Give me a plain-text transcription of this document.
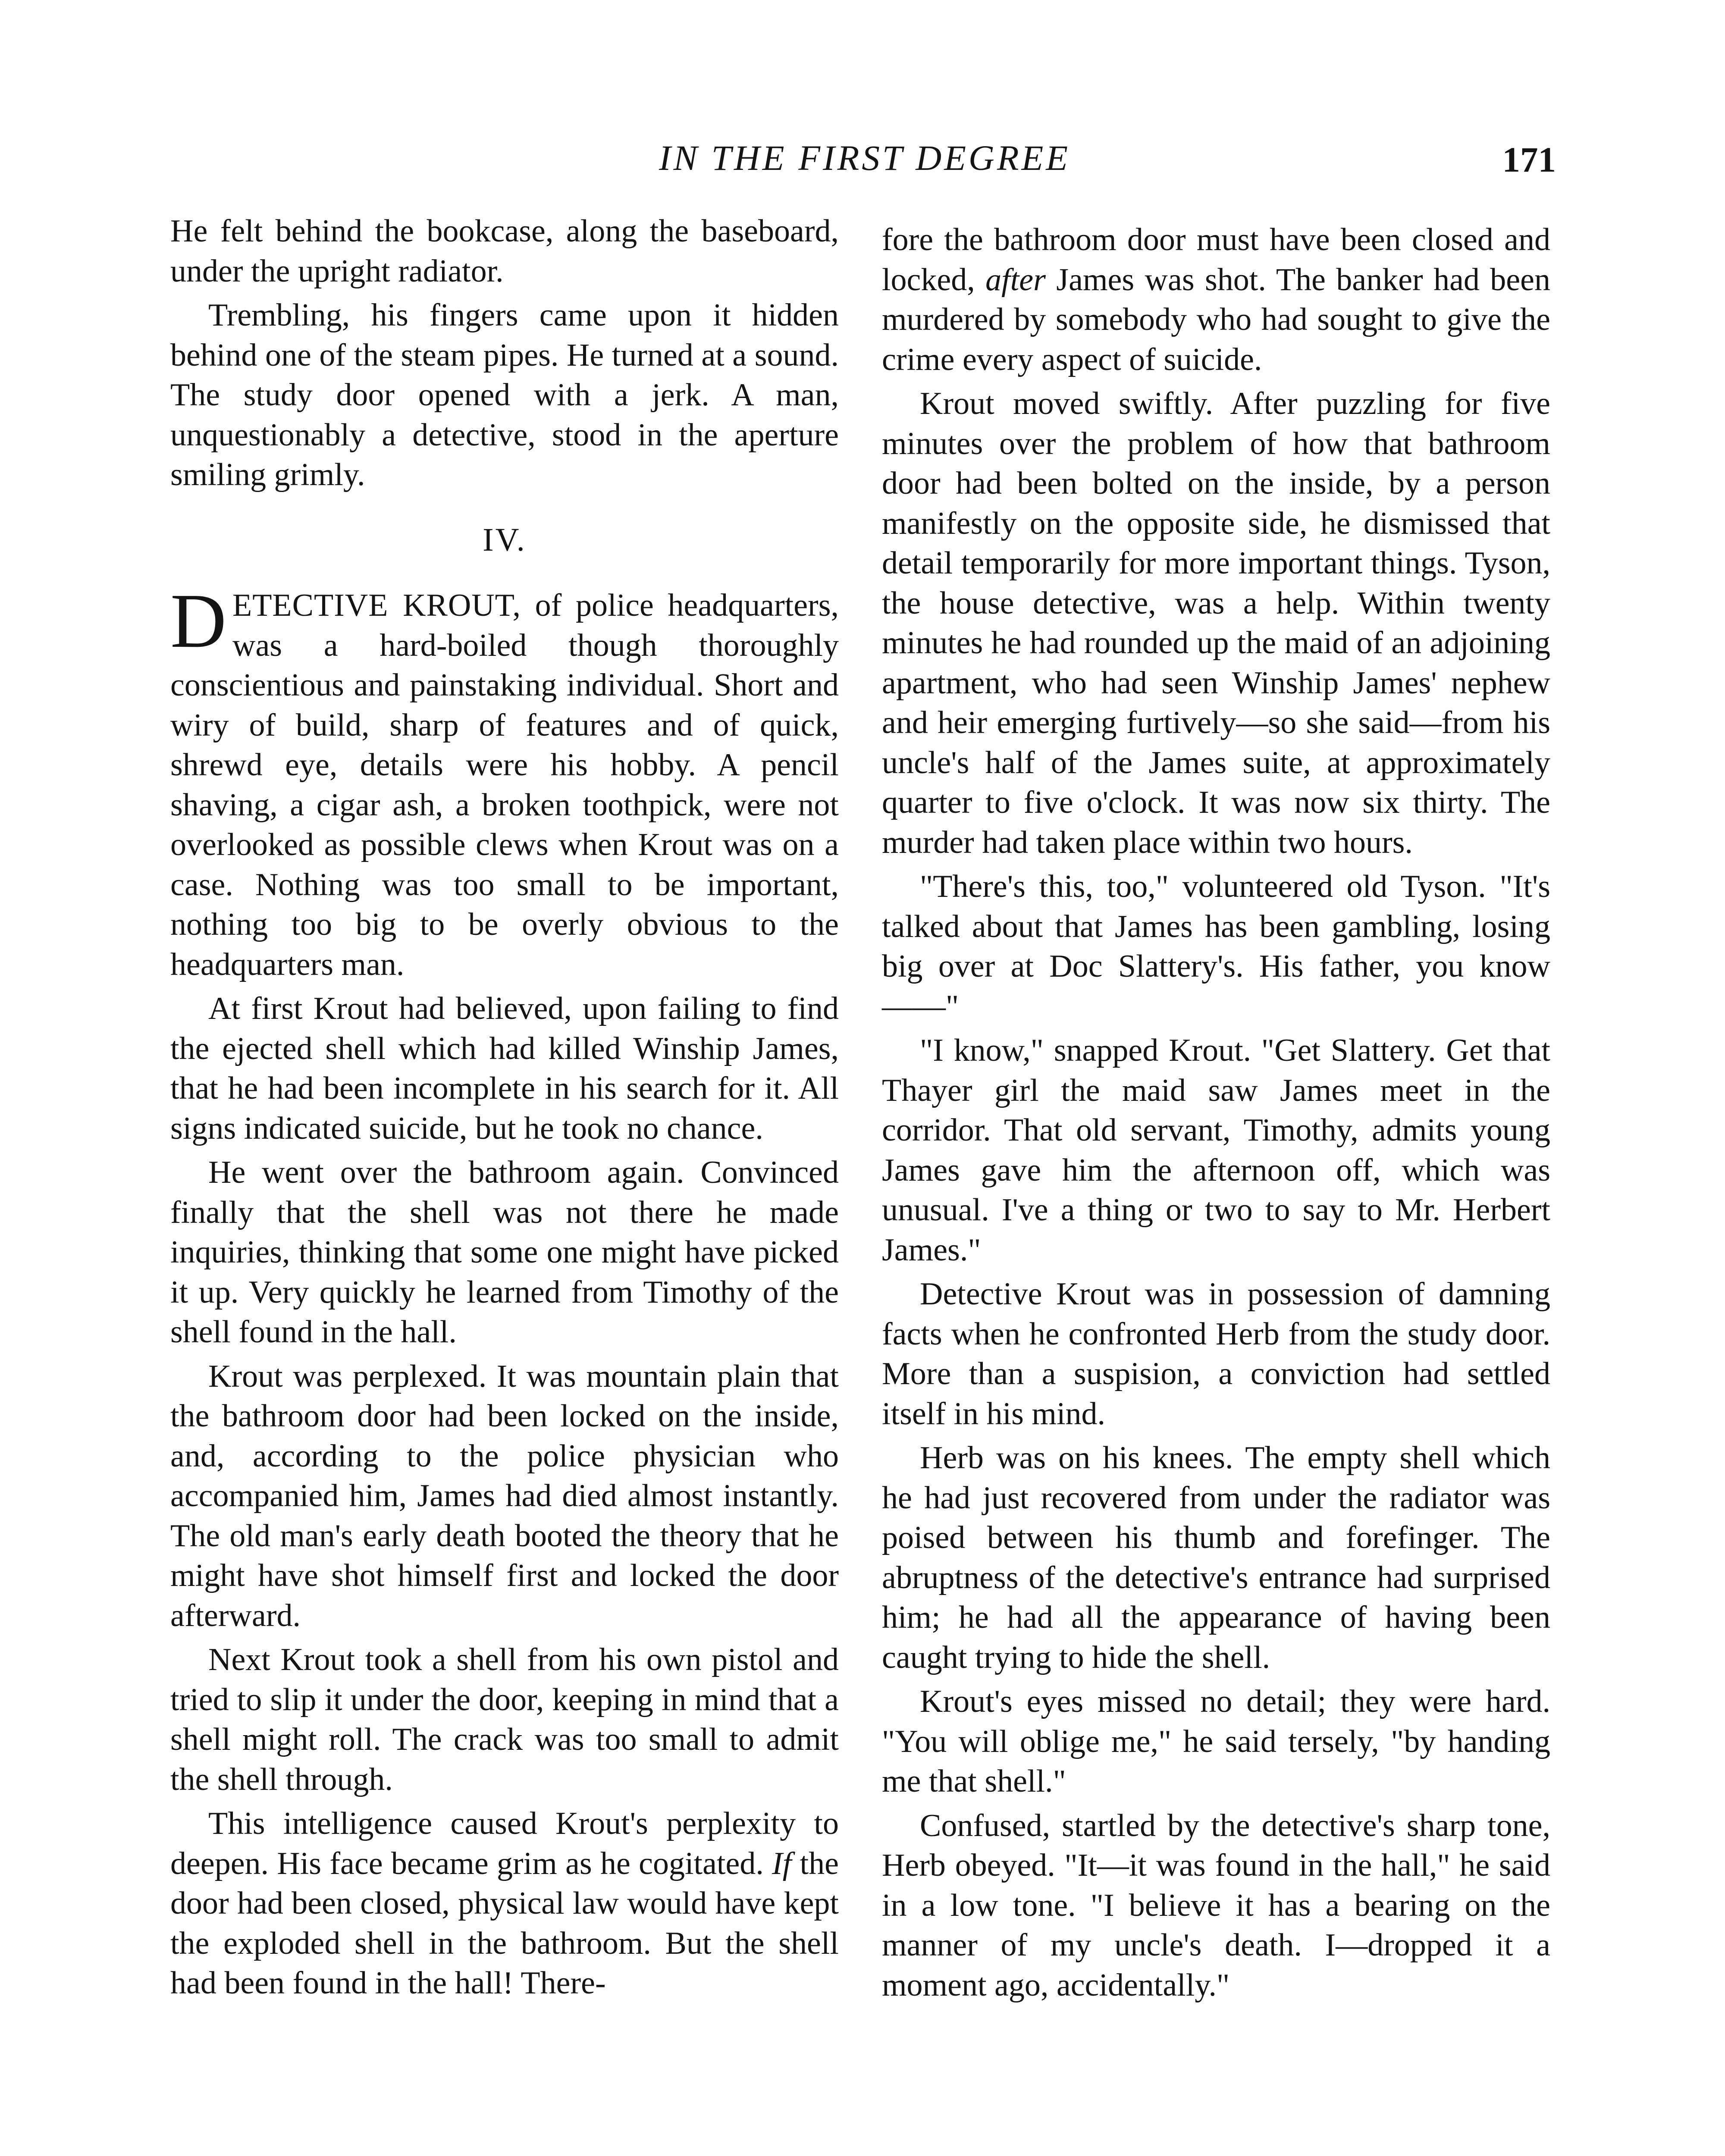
IN THE FIRST DEGREE	171

He felt behind the bookcase, along the baseboard, under the upright radiator.

Trembling, his fingers came upon it hidden behind one of the steam pipes. He turned at a sound. The study door opened with a jerk. A man, unquestionably a detective, stood in the aperture smiling grimly.

IV.

DETECTIVE KROUT, of police headquarters, was a hard-boiled though thoroughly conscientious and painstaking individual. Short and wiry of build, sharp of features and of quick, shrewd eye, details were his hobby. A pencil shaving, a cigar ash, a broken toothpick, were not overlooked as possible clews when Krout was on a case. Nothing was too small to be important, nothing too big to be overly obvious to the headquarters man.

At first Krout had believed, upon failing to find the ejected shell which had killed Winship James, that he had been incomplete in his search for it. All signs indicated suicide, but he took no chance.

He went over the bathroom again. Convinced finally that the shell was not there he made inquiries, thinking that some one might have picked it up. Very quickly he learned from Timothy of the shell found in the hall.

Krout was perplexed. It was mountain plain that the bathroom door had been locked on the inside, and, according to the police physician who accompanied him, James had died almost instantly. The old man's early death booted the theory that he might have shot himself first and locked the door afterward.

Next Krout took a shell from his own pistol and tried to slip it under the door, keeping in mind that a shell might roll. The crack was too small to admit the shell through.

This intelligence caused Krout's perplexity to deepen. His face became grim as he cogitated. If the door had been closed, physical law would have kept the exploded shell in the bathroom. But the shell had been found in the hall! There-

fore the bathroom door must have been closed and locked, after James was shot. The banker had been murdered by somebody who had sought to give the crime every aspect of suicide.

Krout moved swiftly. After puzzling for five minutes over the problem of how that bathroom door had been bolted on the inside, by a person manifestly on the opposite side, he dismissed that detail temporarily for more important things. Tyson, the house detective, was a help. Within twenty minutes he had rounded up the maid of an adjoining apartment, who had seen Winship James' nephew and heir emerging furtively—so she said—from his uncle's half of the James suite, at approximately quarter to five o'clock. It was now six thirty. The murder had taken place within two hours.

"There's this, too," volunteered old Tyson. "It's talked about that James has been gambling, losing big over at Doc Slattery's. His father, you know——"

"I know," snapped Krout. "Get Slattery. Get that Thayer girl the maid saw James meet in the corridor. That old servant, Timothy, admits young James gave him the afternoon off, which was unusual. I've a thing or two to say to Mr. Herbert James."

Detective Krout was in possession of damning facts when he confronted Herb from the study door. More than a suspision, a conviction had settled itself in his mind.

Herb was on his knees. The empty shell which he had just recovered from under the radiator was poised between his thumb and forefinger. The abruptness of the detective's entrance had surprised him; he had all the appearance of having been caught trying to hide the shell.

Krout's eyes missed no detail; they were hard. "You will oblige me," he said tersely, "by handing me that shell."

Confused, startled by the detective's sharp tone, Herb obeyed. "It—it was found in the hall," he said in a low tone. "I believe it has a bearing on the manner of my uncle's death. I—dropped it a moment ago, accidentally."
